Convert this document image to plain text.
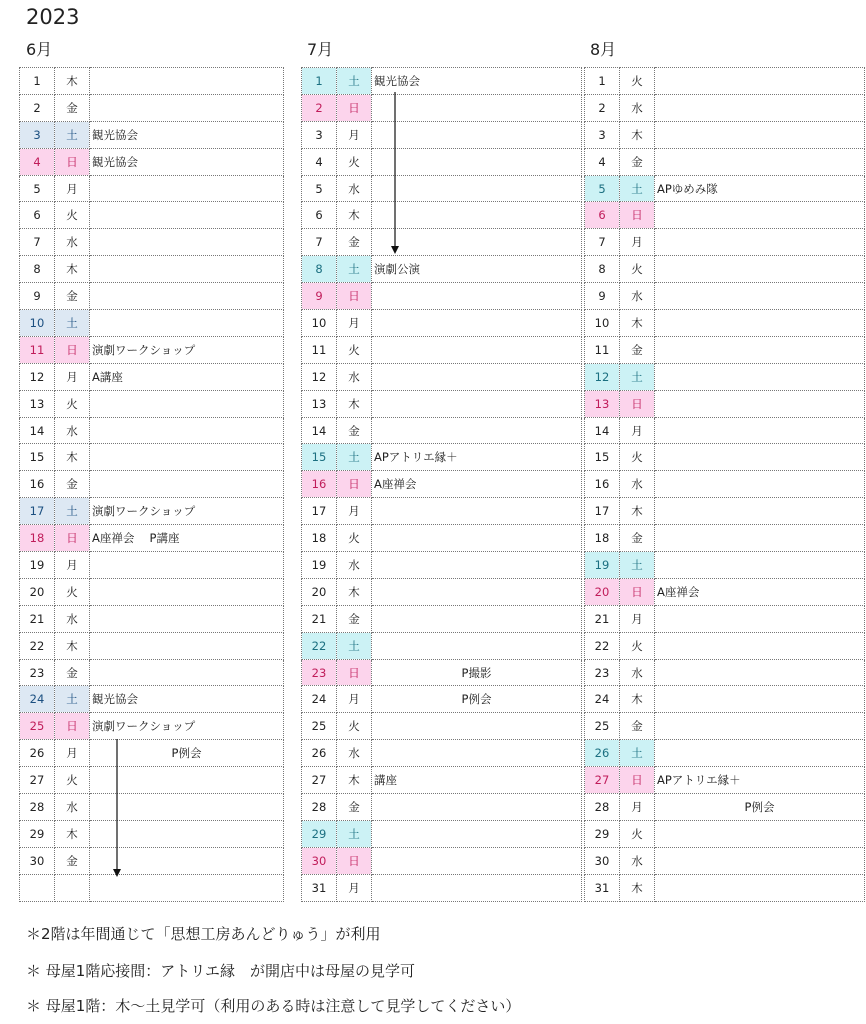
2023
6月	7月	8月
1	木	
2	金	
3	土	観光協会
4	日	観光協会
5	月	
6	火	
7	水	
8	木	
9	金	
10	土	
11	日	演劇ワークショップ
12	月	A講座
13	火	
14	水	
15	木	
16	金	
17	土	演劇ワークショップ
18	日	A座禅会　 P講座
19	月	
20	火	
21	水	
22	木	
23	金	
24	土	観光協会
25	日	演劇ワークショップ
26	月	P例会
27	火	
28	水	
29	木	
30	金	

1	土	観光協会
2	日	
3	月	
4	火	
5	水	
6	木	
7	金	
8	土	演劇公演
9	日	
10	月	
11	火	
12	水	
13	木	
14	金	
15	土	APアトリエ縁＋
16	日	A座禅会
17	月	
18	火	
19	水	
20	木	
21	金	
22	土	
23	日	P撮影
24	月	P例会
25	火	
26	水	
27	木	講座
28	金	
29	土	
30	日	
31	月	
1	火	
2	水	
3	木	
4	金	
5	土	APゆめみ隊
6	日	
7	月	
8	火	
9	水	
10	木	
11	金	
12	土	
13	日	
14	月	
15	火	
16	水	
17	木	
18	金	
19	土	
20	日	A座禅会
21	月	
22	火	
23	水	
24	木	
25	金	
26	土	
27	日	APアトリエ縁＋
28	月	P例会
29	火	
30	水	
31	木	
＊2階は年間通じて「思想工房あんどりゅう」が利用
＊ 母屋1階応接間：アトリエ縁　が開店中は母屋の見学可
＊ 母屋1階：木～土見学可（利用のある時は注意して見学してください）
